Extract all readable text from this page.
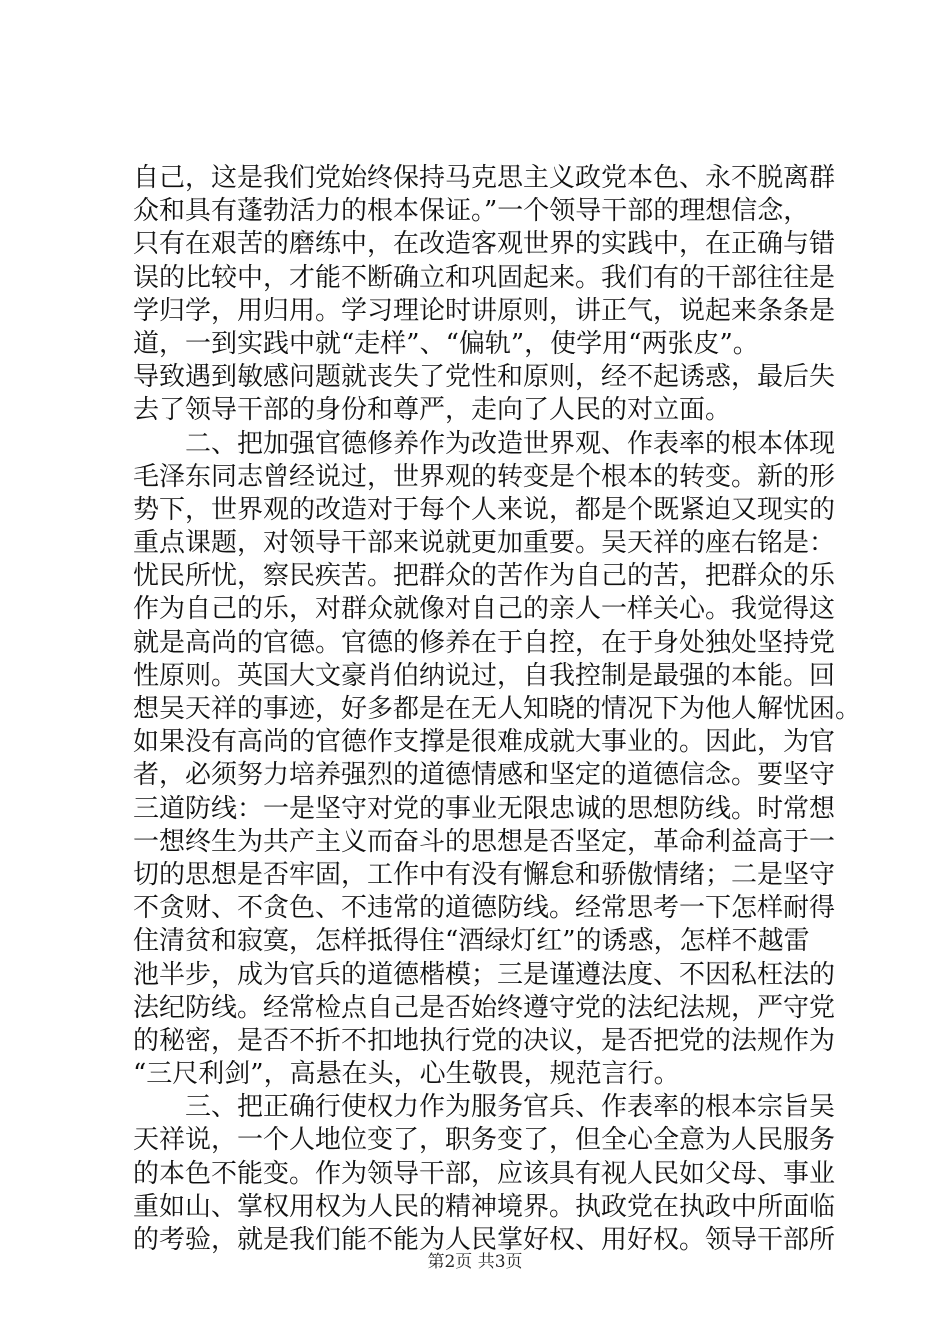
自己，这是我们党始终保持马克思主义政党本色、永不脱离群
众和具有蓬勃活力的根本保证。”一个领导干部的理想信念，
只有在艰苦的磨练中，在改造客观世界的实践中，在正确与错
误的比较中，才能不断确立和巩固起来。我们有的干部往往是
学归学，用归用。学习理论时讲原则，讲正气，说起来条条是
道，一到实践中就“走样”、“偏轨”，使学用“两张皮”。
导致遇到敏感问题就丧失了党性和原则，经不起诱惑，最后失
去了领导干部的身份和尊严，走向了人民的对立面。
　　二、把加强官德修养作为改造世界观、作表率的根本体现
毛泽东同志曾经说过，世界观的转变是个根本的转变。新的形
势下，世界观的改造对于每个人来说，都是个既紧迫又现实的
重点课题，对领导干部来说就更加重要。吴天祥的座右铭是：
忧民所忧，察民疾苦。把群众的苦作为自己的苦，把群众的乐
作为自己的乐，对群众就像对自己的亲人一样关心。我觉得这
就是高尚的官德。官德的修养在于自控，在于身处独处坚持党
性原则。英国大文豪肖伯纳说过，自我控制是最强的本能。回
想吴天祥的事迹，好多都是在无人知晓的情况下为他人解忧困。
如果没有高尚的官德作支撑是很难成就大事业的。因此，为官
者，必须努力培养强烈的道德情感和坚定的道德信念。要坚守
三道防线：一是坚守对党的事业无限忠诚的思想防线。时常想
一想终生为共产主义而奋斗的思想是否坚定，革命利益高于一
切的思想是否牢固，工作中有没有懈怠和骄傲情绪；二是坚守
不贪财、不贪色、不违常的道德防线。经常思考一下怎样耐得
住清贫和寂寞，怎样抵得住“酒绿灯红”的诱惑，怎样不越雷
池半步，成为官兵的道德楷模；三是谨遵法度、不因私枉法的
法纪防线。经常检点自己是否始终遵守党的法纪法规，严守党
的秘密，是否不折不扣地执行党的决议，是否把党的法规作为
“三尺利剑”，高悬在头，心生敬畏，规范言行。
　　三、把正确行使权力作为服务官兵、作表率的根本宗旨吴
天祥说，一个人地位变了，职务变了，但全心全意为人民服务
的本色不能变。作为领导干部，应该具有视人民如父母、事业
重如山、掌权用权为人民的精神境界。执政党在执政中所面临
的考验，就是我们能不能为人民掌好权、用好权。领导干部所
第2页 共3页
